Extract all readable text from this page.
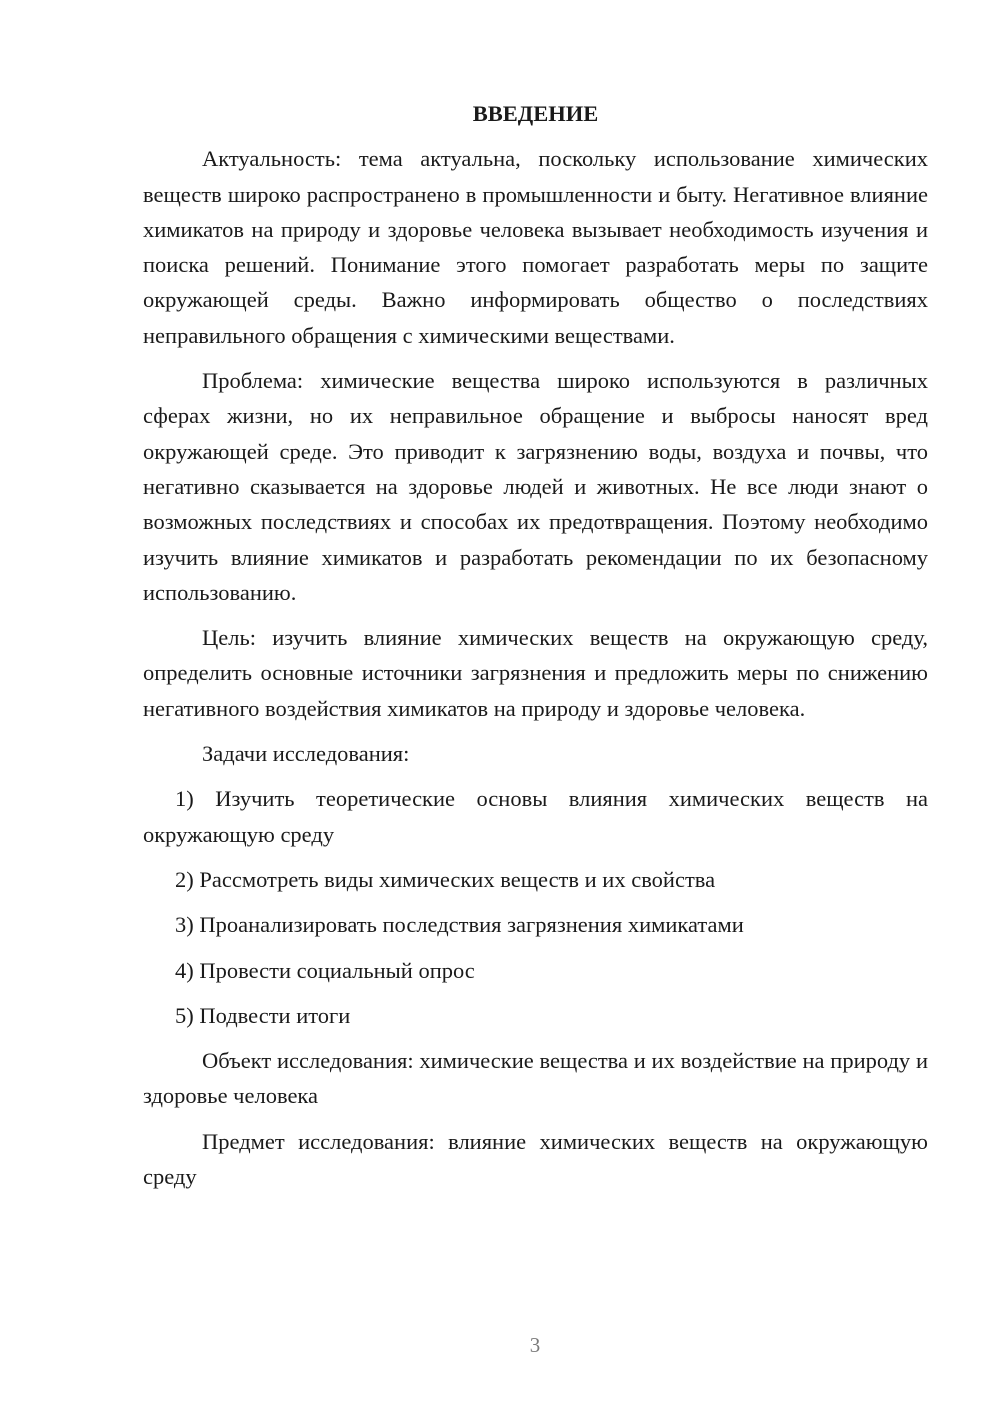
ВВЕДЕНИЕ

Актуальность: тема актуальна, поскольку использование химических веществ широко распространено в промышленности и быту. Негативное влияние химикатов на природу и здоровье человека вызывает необходимость изучения и поиска решений. Понимание этого помогает разработать меры по защите окружающей среды. Важно информировать общество о последствиях неправильного обращения с химическими веществами.

Проблема: химические вещества широко используются в различных сферах жизни, но их неправильное обращение и выбросы наносят вред окружающей среде. Это приводит к загрязнению воды, воздуха и почвы, что негативно сказывается на здоровье людей и животных. Не все люди знают о возможных последствиях и способах их предотвращения. Поэтому необходимо изучить влияние химикатов и разработать рекомендации по их безопасному использованию.

Цель: изучить влияние химических веществ на окружающую среду, определить основные источники загрязнения и предложить меры по снижению негативного воздействия химикатов на природу и здоровье человека.

Задачи исследования:

1) Изучить теоретические основы влияния химических веществ на окружающую среду

2) Рассмотреть виды химических веществ и их свойства

3) Проанализировать последствия загрязнения химикатами

4) Провести социальный опрос

5) Подвести итоги

Объект исследования: химические вещества и их воздействие на природу и здоровье человека

Предмет исследования: влияние химических веществ на окружающую среду

3
